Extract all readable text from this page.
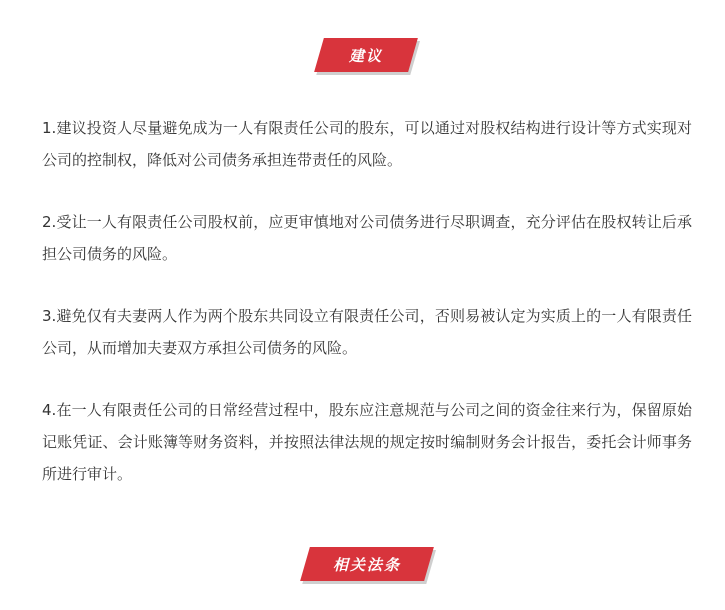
建议

1.建议投资人尽量避免成为一人有限责任公司的股东，可以通过对股权结构进行设计等方式实现对公司的控制权，降低对公司债务承担连带责任的风险。

2.受让一人有限责任公司股权前，应更审慎地对公司债务进行尽职调查，充分评估在股权转让后承担公司债务的风险。

3.避免仅有夫妻两人作为两个股东共同设立有限责任公司，否则易被认定为实质上的一人有限责任公司，从而增加夫妻双方承担公司债务的风险。

4.在一人有限责任公司的日常经营过程中，股东应注意规范与公司之间的资金往来行为，保留原始记账凭证、会计账簿等财务资料，并按照法律法规的规定按时编制财务会计报告，委托会计师事务所进行审计。

相关法条
